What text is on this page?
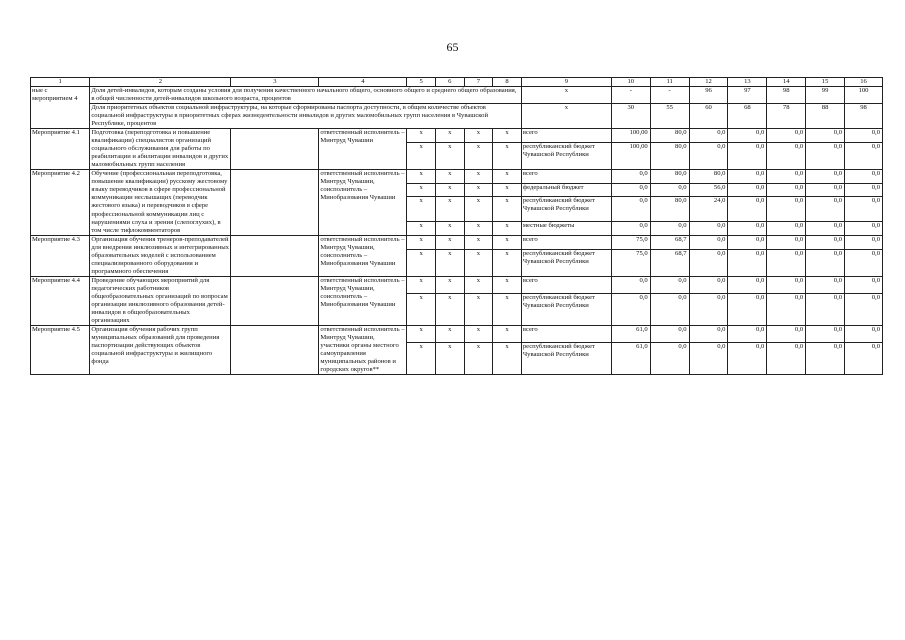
65
1	2	3	4	5	6	7	8	9	10	11	12	13	14	15	16
ные с мероприятием 4	Доля детей-инвалидов, которым созданы условия для получения качественного начального общего, основного общего и среднего общего образования, в общей численности детей-инвалидов школьного возраста, процентов							x	-	-	96	97	98	99	100
	Доля приоритетных объектов социальной инфраструктуры, на которые сформированы паспорта доступности, в общем количестве объектов социальной инфраструктуры в приоритетных сферах жизнедеятельности инвалидов и других маломобильных групп населения в Чувашской Республике, процентов							x	30	55	60	68	78	88	98
Мероприятие 4.1	Подготовка (переподготовка и повышение квалификации) специалистов организаций социального обслуживания для работы по реабилитации и абилитации инвалидов и других маломобильных групп населения		ответственный исполнитель – Минтруд Чувашии	x	x	x	x	всего	100,00	80,0	0,0	0,0	0,0	0,0	0,0
				x	x	x	x	республиканский бюджет Чувашской Республики	100,00	80,0	0,0	0,0	0,0	0,0	0,0
Мероприятие 4.2	Обучение (профессиональная переподготовка, повышение квалификации) русскому жестовому языку переводчиков в сфере профессиональной коммуникации неслышащих (переводчик жестового языка) и переводчиков в сфере профессиональной коммуникации лиц с нарушениями слуха и зрения (слепоглухих), в том числе тифлокомментаторов		ответственный исполнитель – Минтруд Чувашии, соисполнитель – Минобразования Чувашии	x	x	x	x	всего	0,0	80,0	80,0	0,0	0,0	0,0	0,0
				x	x	x	x	федеральный бюджет	0,0	0,0	56,0	0,0	0,0	0,0	0,0
				x	x	x	x	республиканский бюджет Чувашской Республики	0,0	80,0	24,0	0,0	0,0	0,0	0,0
				x	x	x	x	местные бюджеты	0,0	0,0	0,0	0,0	0,0	0,0	0,0
Мероприятие 4.3	Организация обучения тренеров-преподавателей для внедрения инклюзивных и интегрированных образовательных моделей с использованием специализированного оборудования и программного обеспечения		ответственный исполнитель – Минтруд Чувашии, соисполнитель – Минобразования Чувашии	x	x	x	x	всего	75,0	68,7	0,0	0,0	0,0	0,0	0,0
				x	x	x	x	республиканский бюджет Чувашской Республики	75,0	68,7	0,0	0,0	0,0	0,0	0,0
Мероприятие 4.4	Проведение обучающих мероприятий для педагогических работников общеобразовательных организаций по вопросам организации инклюзивного образования детей-инвалидов в общеобразовательных организациях		ответственный исполнитель – Минтруд Чувашии, соисполнитель – Минобразования Чувашии	x	x	x	x	всего	0,0	0,0	0,0	0,0	0,0	0,0	0,0
				x	x	x	x	республиканский бюджет Чувашской Республики	0,0	0,0	0,0	0,0	0,0	0,0	0,0
Мероприятие 4.5	Организация обучения рабочих групп муниципальных образований для проведения паспортизации действующих объектов социальной инфраструктуры и жилищного фонда		ответственный исполнитель – Минтруд Чувашии, участники органы местного самоуправления муниципальных районов и городских округов**	x	x	x	x	всего	61,0	0,0	0,0	0,0	0,0	0,0	0,0
				x	x	x	x	республиканский бюджет Чувашской Республики	61,0	0,0	0,0	0,0	0,0	0,0	0,0
